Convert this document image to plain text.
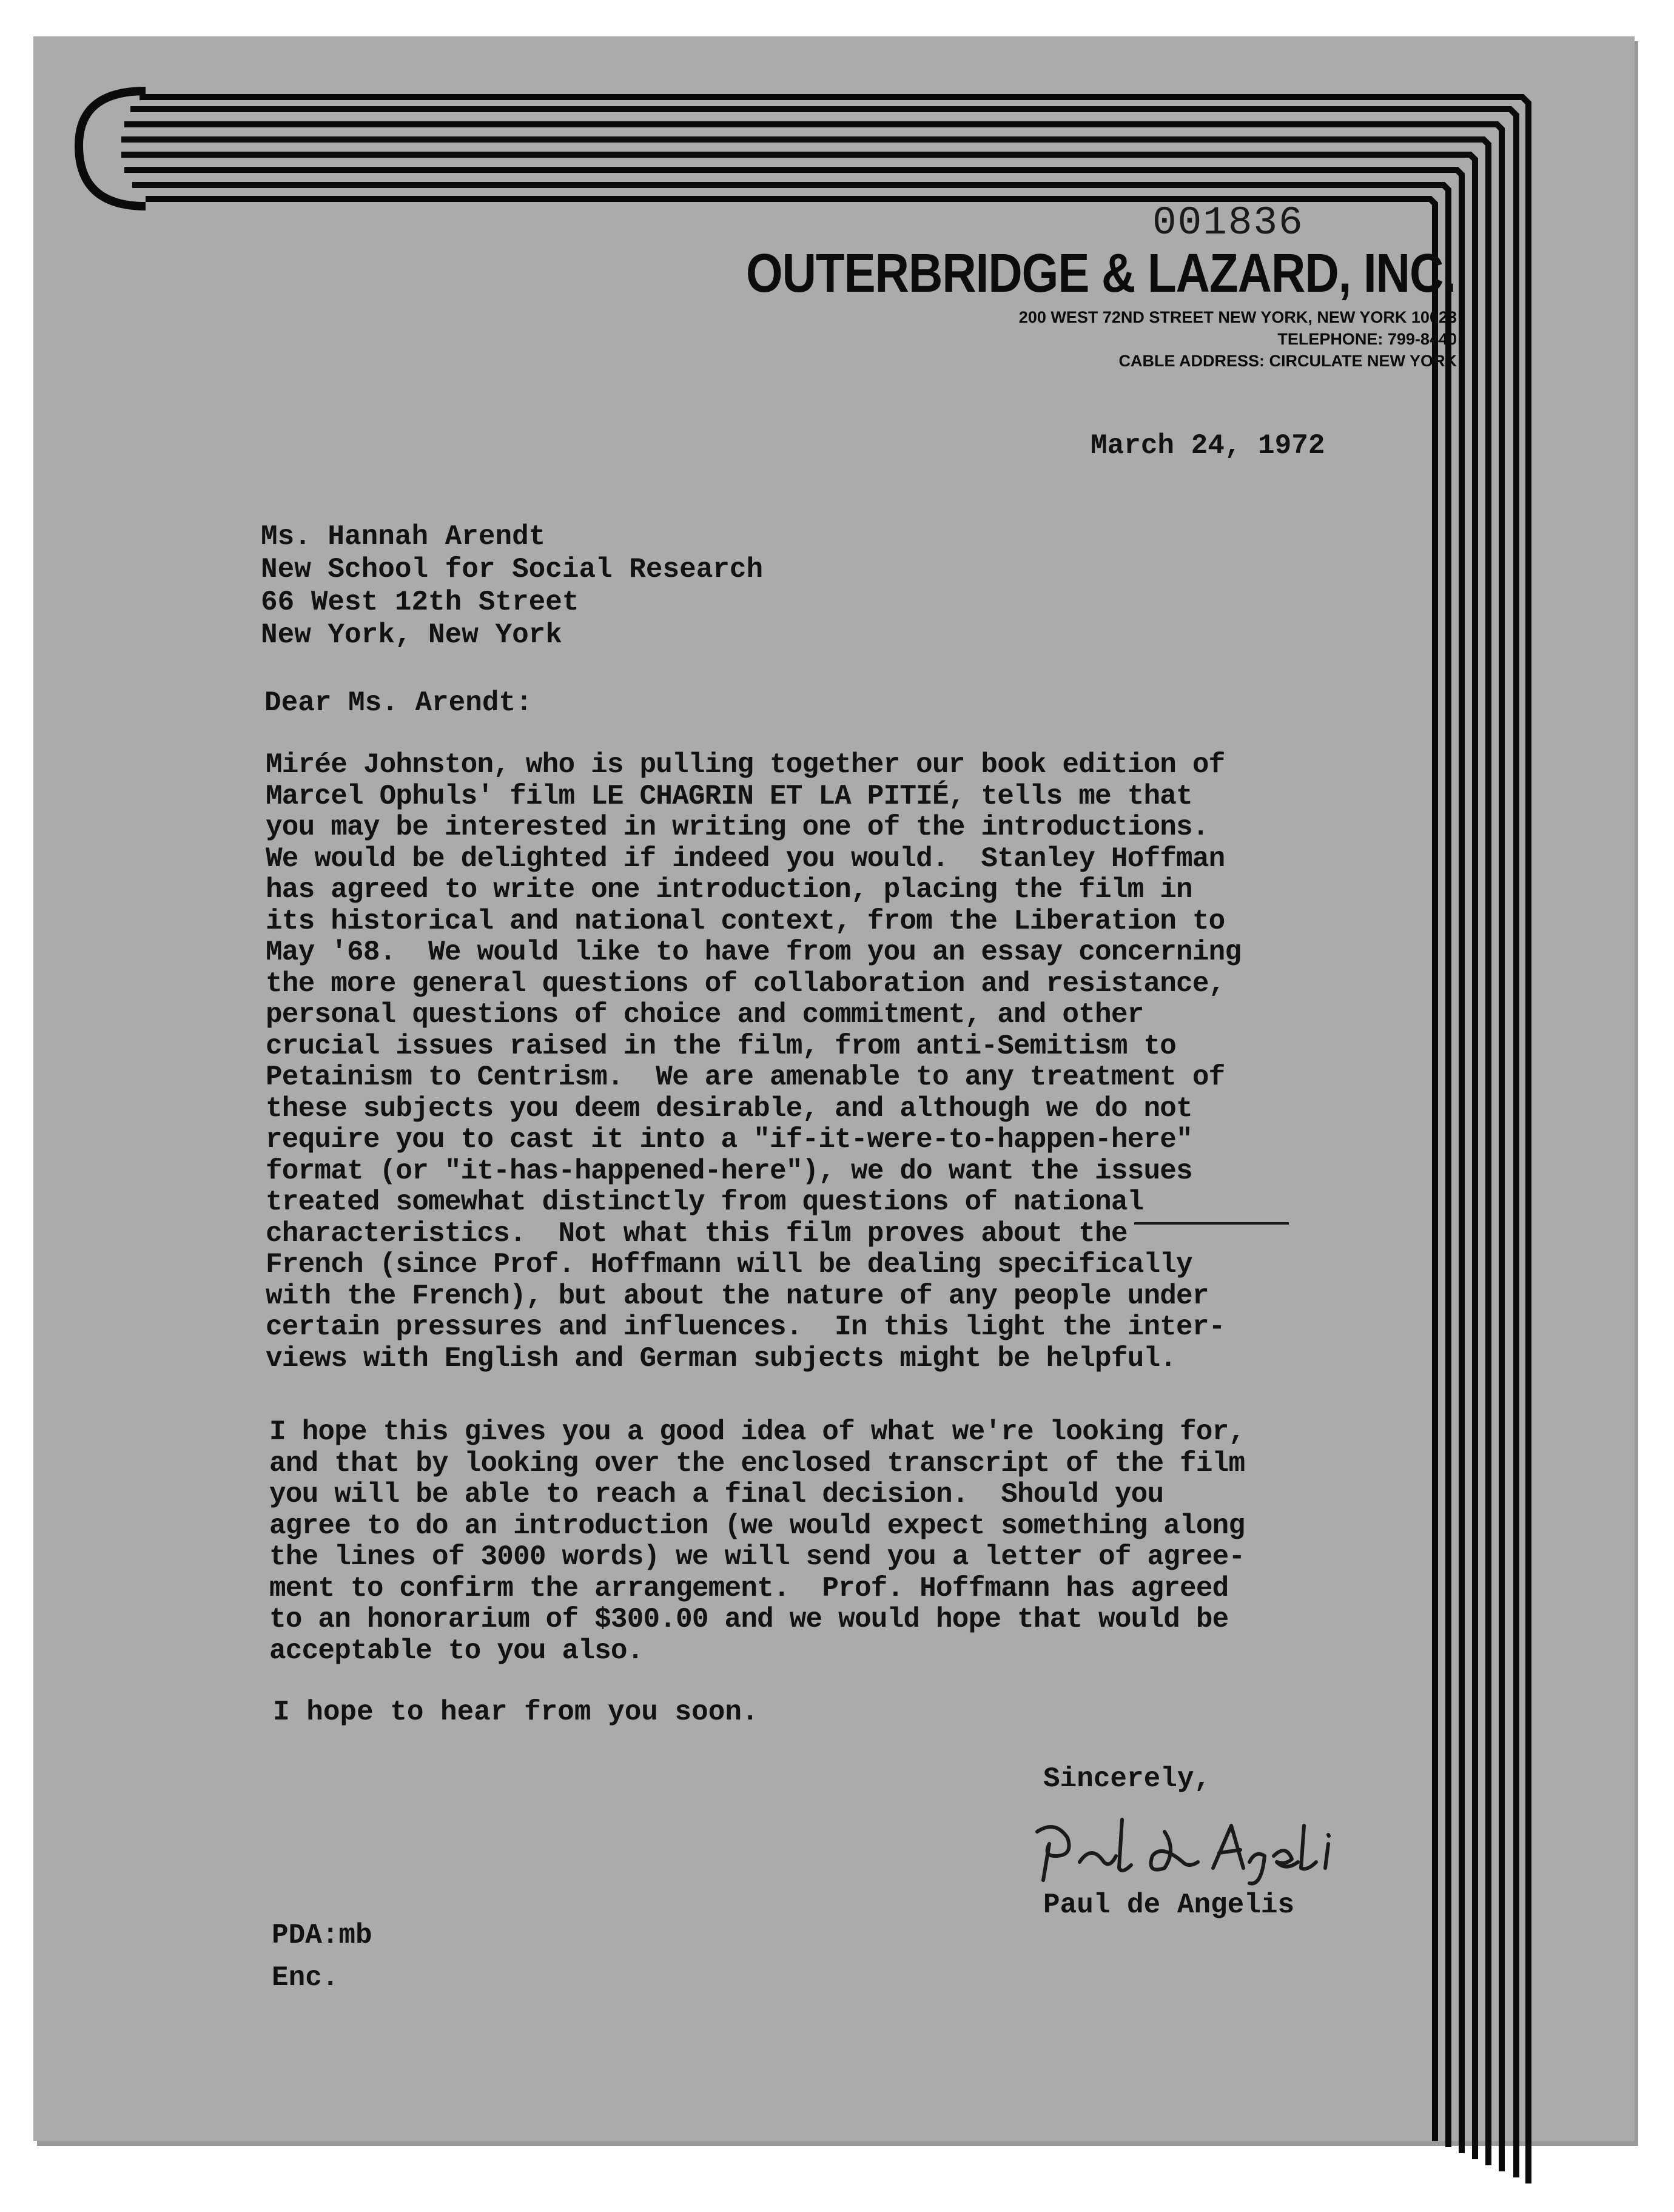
001836
OUTERBRIDGE & LAZARD, INC.
200 WEST 72ND STREET NEW YORK, NEW YORK 10023
TELEPHONE: 799-8440
CABLE ADDRESS: CIRCULATE NEW YORK
March 24, 1972
Ms. Hannah Arendt
New School for Social Research
66 West 12th Street
New York, New York
Dear Ms. Arendt:
Mirée Johnston, who is pulling together our book edition of
Marcel Ophuls' film LE CHAGRIN ET LA PITIÉ, tells me that
you may be interested in writing one of the introductions.
We would be delighted if indeed you would.  Stanley Hoffman
has agreed to write one introduction, placing the film in
its historical and national context, from the Liberation to
May '68.  We would like to have from you an essay concerning
the more general questions of collaboration and resistance,
personal questions of choice and commitment, and other
crucial issues raised in the film, from anti-Semitism to
Petainism to Centrism.  We are amenable to any treatment of
these subjects you deem desirable, and although we do not
require you to cast it into a "if-it-were-to-happen-here"
format (or "it-has-happened-here"), we do want the issues
treated somewhat distinctly from questions of national
characteristics.  Not what this film proves about the
French (since Prof. Hoffmann will be dealing specifically
with the French), but about the nature of any people under
certain pressures and influences.  In this light the inter-
views with English and German subjects might be helpful.
I hope this gives you a good idea of what we're looking for,
and that by looking over the enclosed transcript of the film
you will be able to reach a final decision.  Should you
agree to do an introduction (we would expect something along
the lines of 3000 words) we will send you a letter of agree-
ment to confirm the arrangement.  Prof. Hoffmann has agreed
to an honorarium of $300.00 and we would hope that would be
acceptable to you also.
I hope to hear from you soon.
Sincerely,
Paul de Angelis
PDA:mb
Enc.
